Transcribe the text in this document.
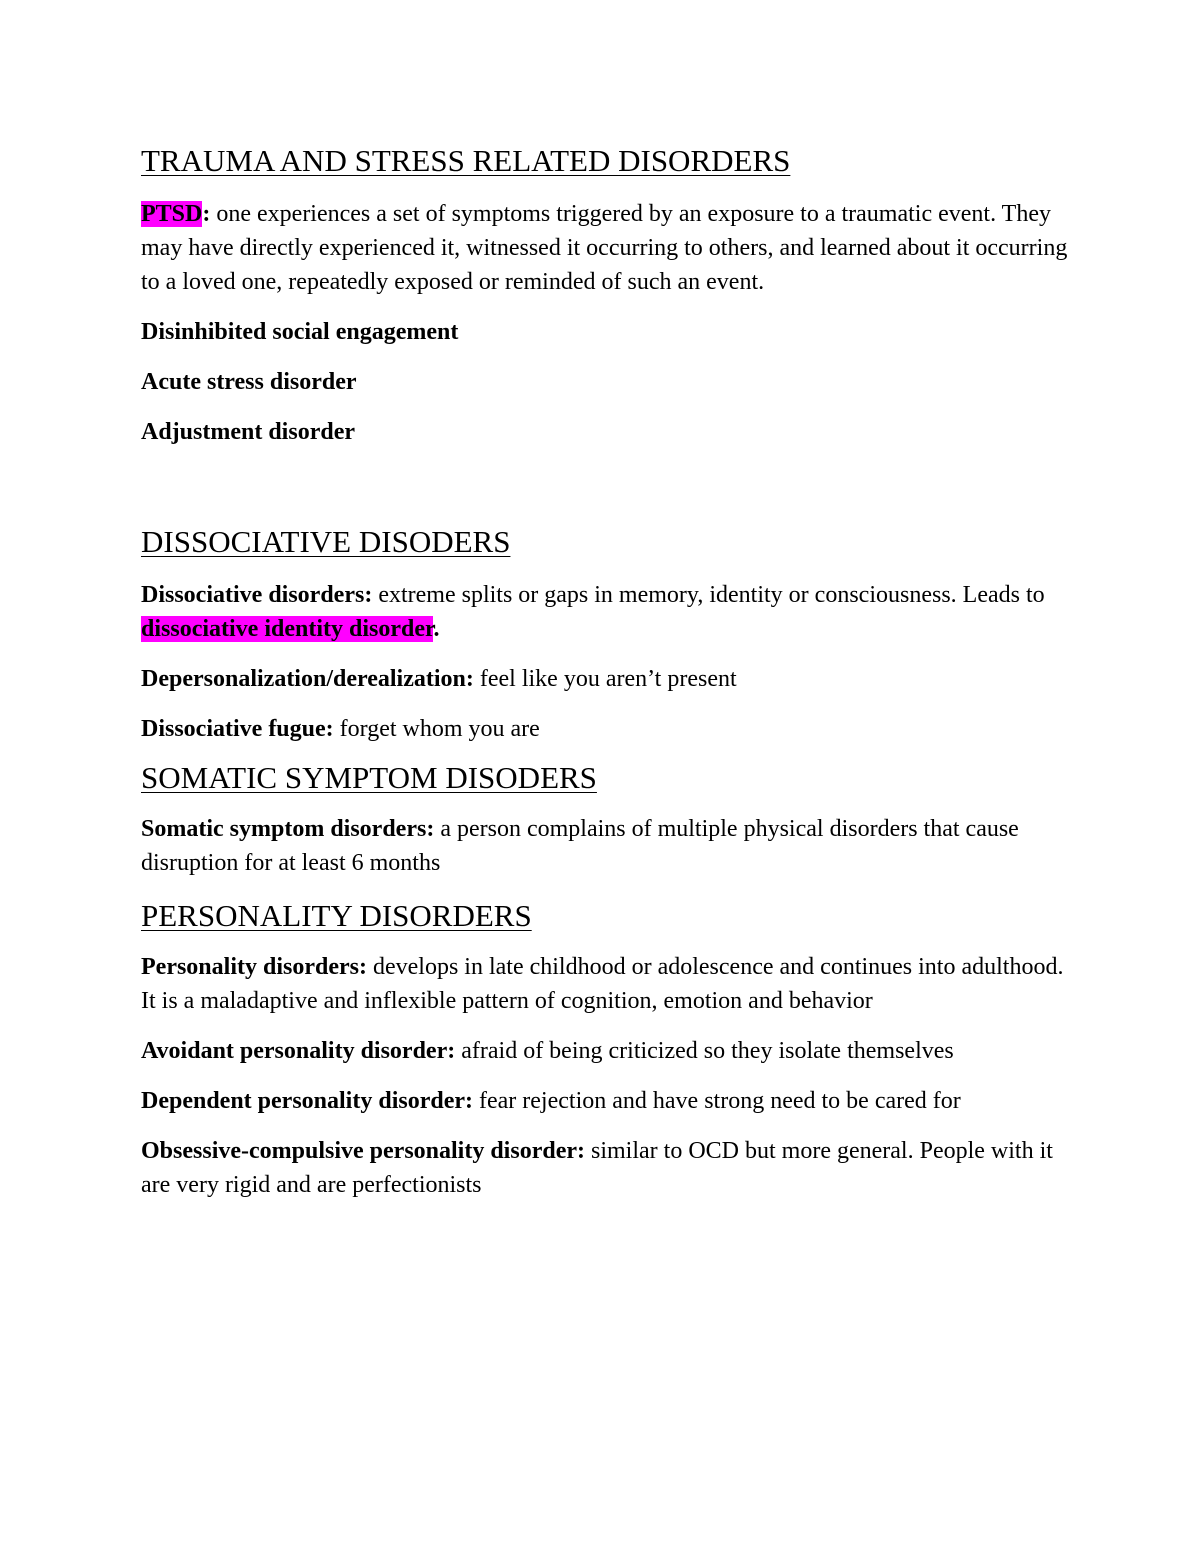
TRAUMA AND STRESS RELATED DISORDERS

PTSD: one experiences a set of symptoms triggered by an exposure to a traumatic event. They may have directly experienced it, witnessed it occurring to others, and learned about it occurring to a loved one, repeatedly exposed or reminded of such an event.

Disinhibited social engagement

Acute stress disorder

Adjustment disorder

DISSOCIATIVE DISODERS

Dissociative disorders: extreme splits or gaps in memory, identity or consciousness. Leads to dissociative identity disorder.

Depersonalization/derealization: feel like you aren’t present

Dissociative fugue: forget whom you are

SOMATIC SYMPTOM DISODERS

Somatic symptom disorders: a person complains of multiple physical disorders that cause disruption for at least 6 months

PERSONALITY DISORDERS

Personality disorders: develops in late childhood or adolescence and continues into adulthood. It is a maladaptive and inflexible pattern of cognition, emotion and behavior

Avoidant personality disorder: afraid of being criticized so they isolate themselves

Dependent personality disorder: fear rejection and have strong need to be cared for

Obsessive-compulsive personality disorder: similar to OCD but more general. People with it are very rigid and are perfectionists
